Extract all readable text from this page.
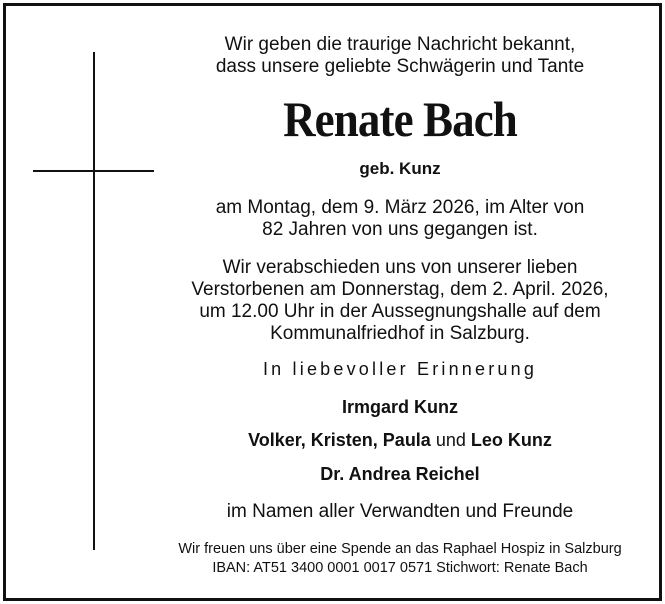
Wir geben die traurige Nachricht bekannt,
dass unsere geliebte Schwägerin und Tante
Renate Bach
geb. Kunz
am Montag, dem 9. März 2026, im Alter von
82 Jahren von uns gegangen ist.
Wir verabschieden uns von unserer lieben
Verstorbenen am Donnerstag, dem 2. April. 2026,
um 12.00 Uhr in der Aussegnungshalle auf dem
Kommunalfriedhof in Salzburg.
In liebevoller Erinnerung
Irmgard Kunz
Volker, Kristen, Paula und Leo Kunz
Dr. Andrea Reichel
im Namen aller Verwandten und Freunde
Wir freuen uns über eine Spende an das Raphael Hospiz in Salzburg
IBAN: AT51 3400 0001 0017 0571 Stichwort: Renate Bach
